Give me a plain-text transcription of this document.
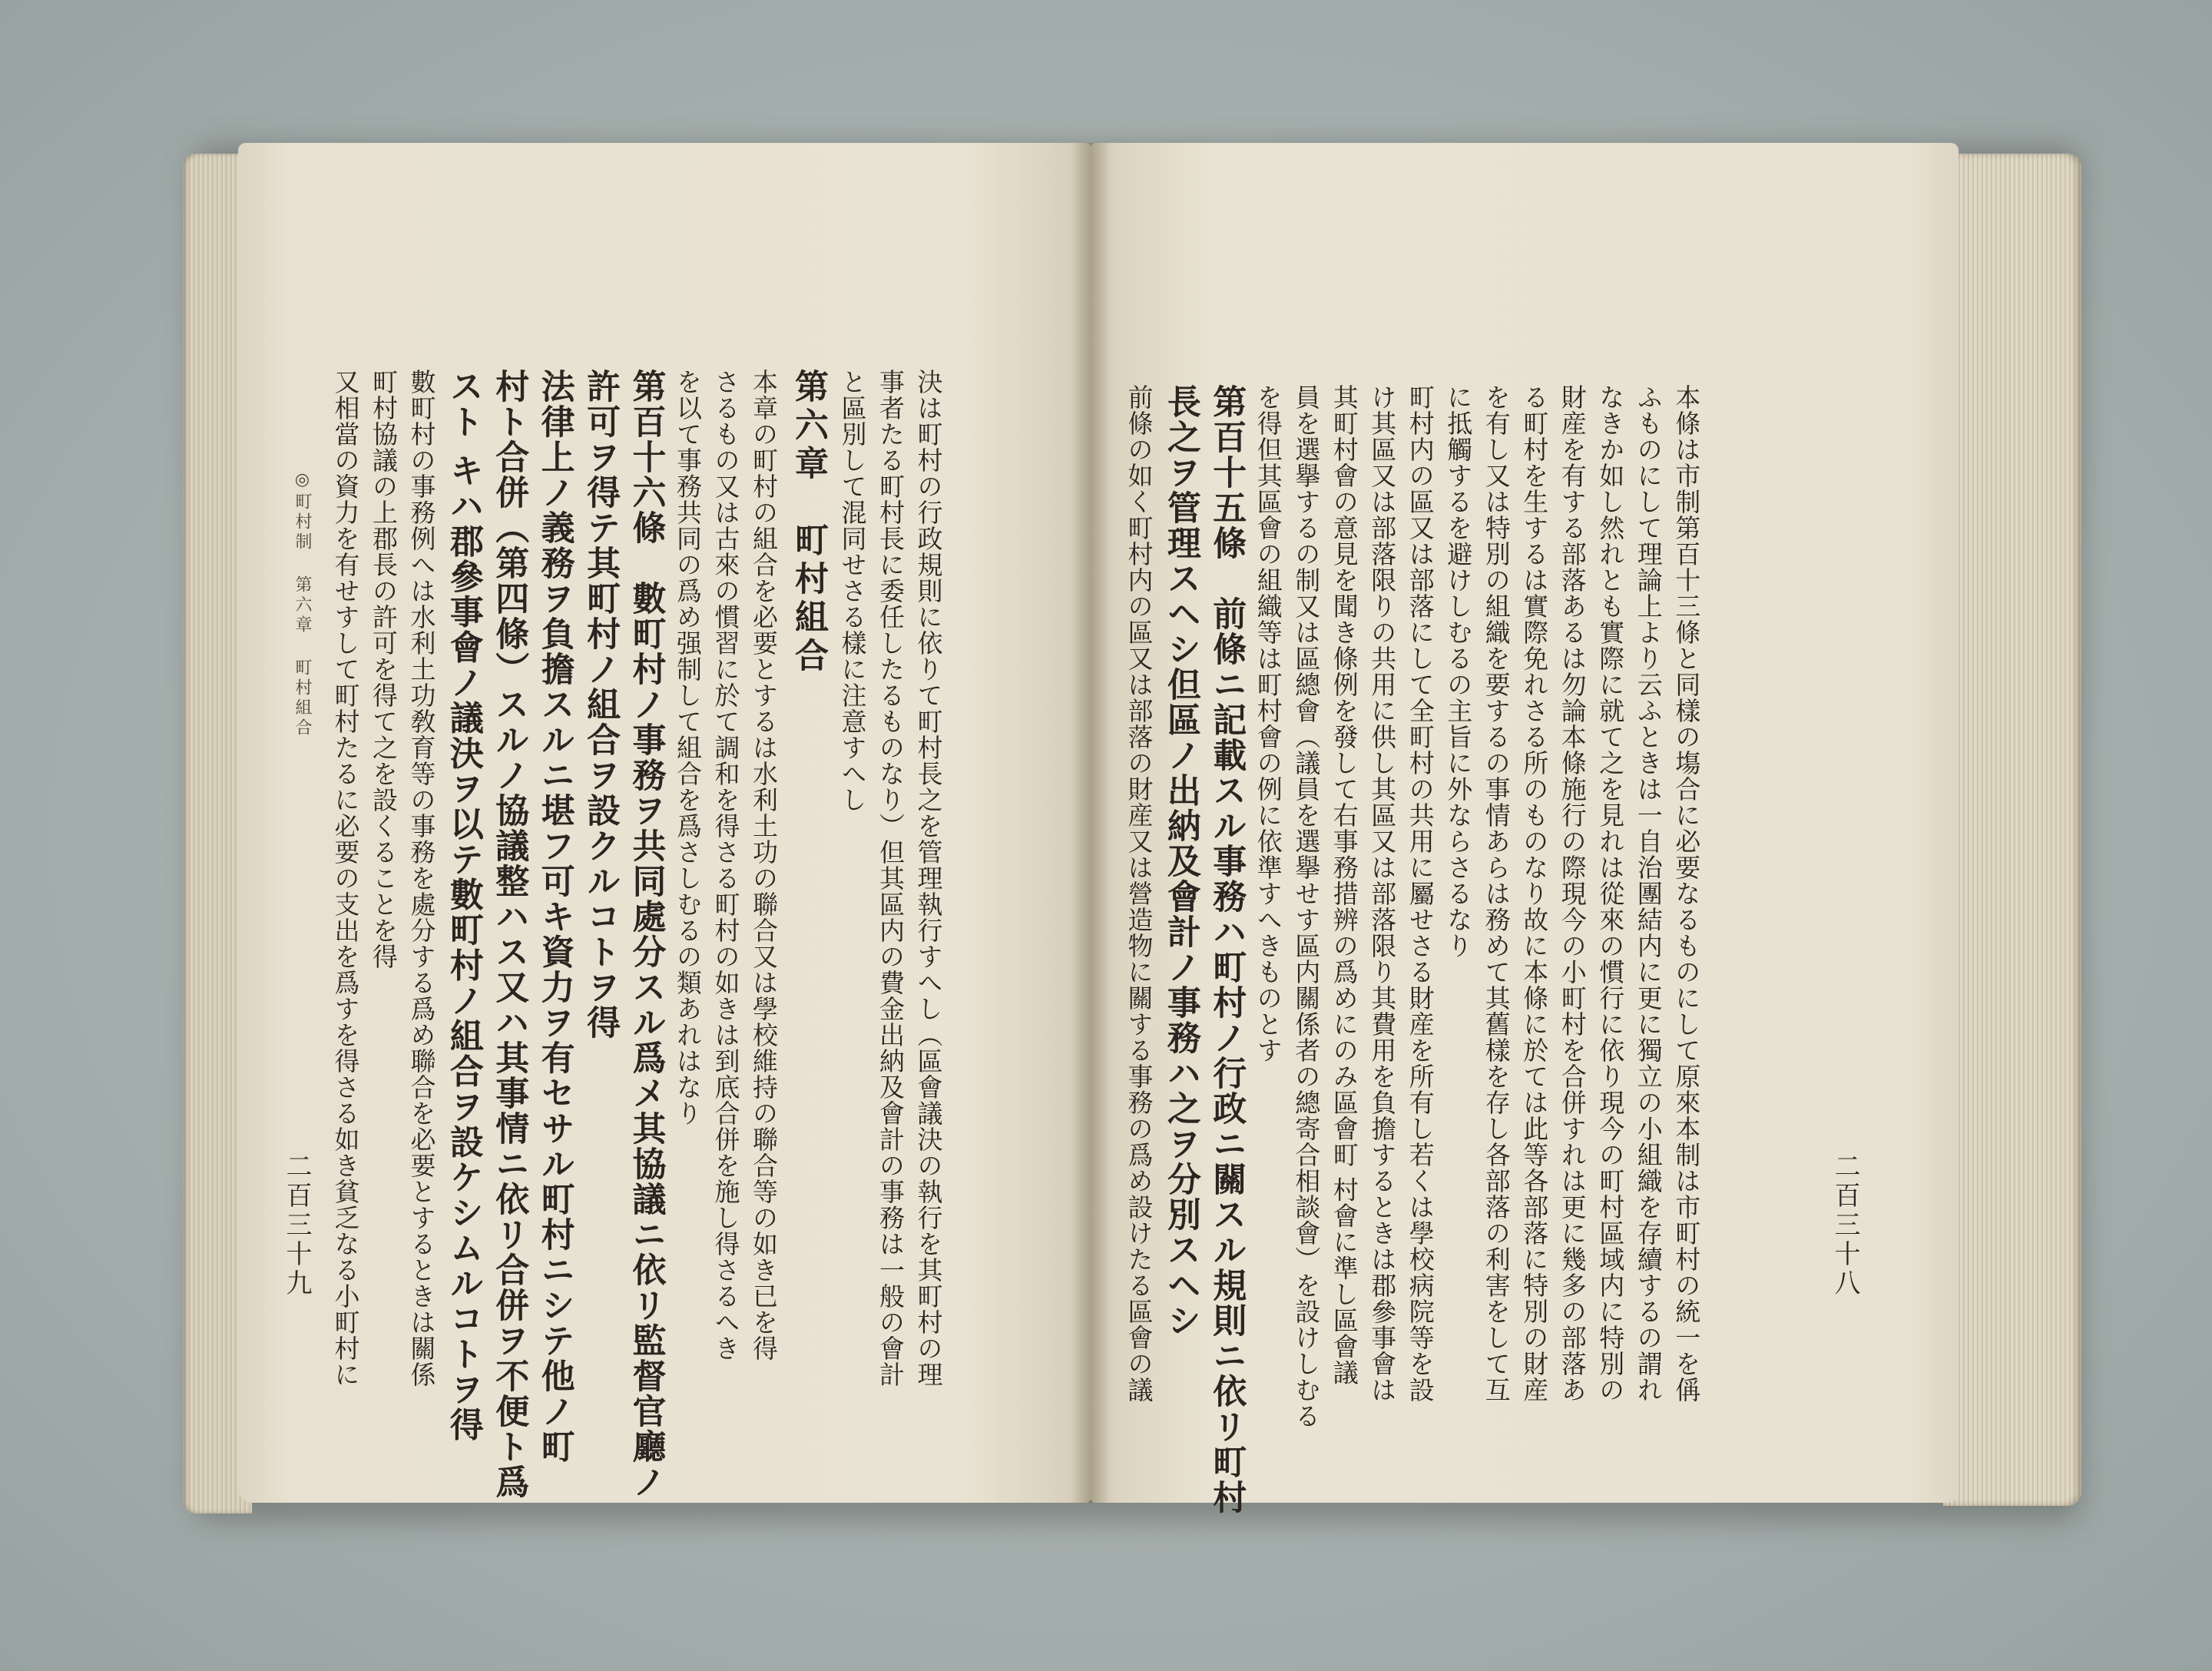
二百三十八
本條は市制第百十三條と同樣の塲合に必要なるものにして原來本制は市町村の統一を偁
ふものにして理論上より云ふときは一自治團結内に更に獨立の小組織を存續するの謂れ
なきか如し然れとも實際に就て之を見れは從來の慣行に依り現今の町村區域内に特別の
財産を有する部落あるは勿論本條施行の際現今の小町村を合併すれは更に幾多の部落あ
る町村を生するは實際免れさる所のものなり故に本條に於ては此等各部落に特別の財産
を有し又は特別の組織を要するの事情あらは務めて其舊樣を存し各部落の利害をして互
に抵觸するを避けしむるの主旨に外ならさるなり
町村内の區又は部落にして全町村の共用に屬せさる財産を所有し若くは學校病院等を設
け其區又は部落限りの共用に供し其區又は部落限り其費用を負擔するときは郡參事會は
其町村會の意見を聞き條例を發して右事務措辨の爲めにのみ區會町 村會に準し區會議
員を選擧するの制又は區總會（議員を選擧せす區内關係者の總寄合相談會）を設けしむる
を得但其區會の組織等は町村會の例に依準すへきものとす
第百十五條　前條ニ記載スル事務ハ町村ノ行政ニ關スル規則ニ依リ町村
長之ヲ管理スヘシ但區ノ出納及會計ノ事務ハ之ヲ分別スヘシ
前條の如く町村内の區又は部落の財産又は營造物に關する事務の爲め設けたる區會の議
二百三十九
◎町村制第六章町村組合	決は町村の行政規則に依りて町村長之を管理執行すへし（區會議決の執行を其町村の理
事者たる町村長に委任したるものなり）但其區内の費金出納及會計の事務は一般の會計
と區別して混同せさる樣に注意すへし
第六章　町村組合
本章の町村の組合を必要とするは水利土功の聯合又は學校維持の聯合等の如き已を得
さるもの又は古來の慣習に於て調和を得さる町村の如きは到底合併を施し得さるへき
を以て事務共同の爲め强制して組合を爲さしむるの類あれはなり
第百十六條　數町村ノ事務ヲ共同處分スル爲メ其協議ニ依リ監督官廳ノ
許可ヲ得テ其町村ノ組合ヲ設クルコトヲ得
法律上ノ義務ヲ負擔スルニ堪フ可キ資力ヲ有セサル町村ニシテ他ノ町
村ト合併（第四條）スルノ協議整ハス又ハ其事情ニ依リ合併ヲ不便ト爲
スト キハ郡參事會ノ議決ヲ以テ數町村ノ組合ヲ設ケシムルコトヲ得
數町村の事務例へは水利土功敎育等の事務を處分する爲め聯合を必要とするときは關係
町村協議の上郡長の許可を得て之を設くることを得
又相當の資力を有せすして町村たるに必要の支出を爲すを得さる如き貧乏なる小町村に
